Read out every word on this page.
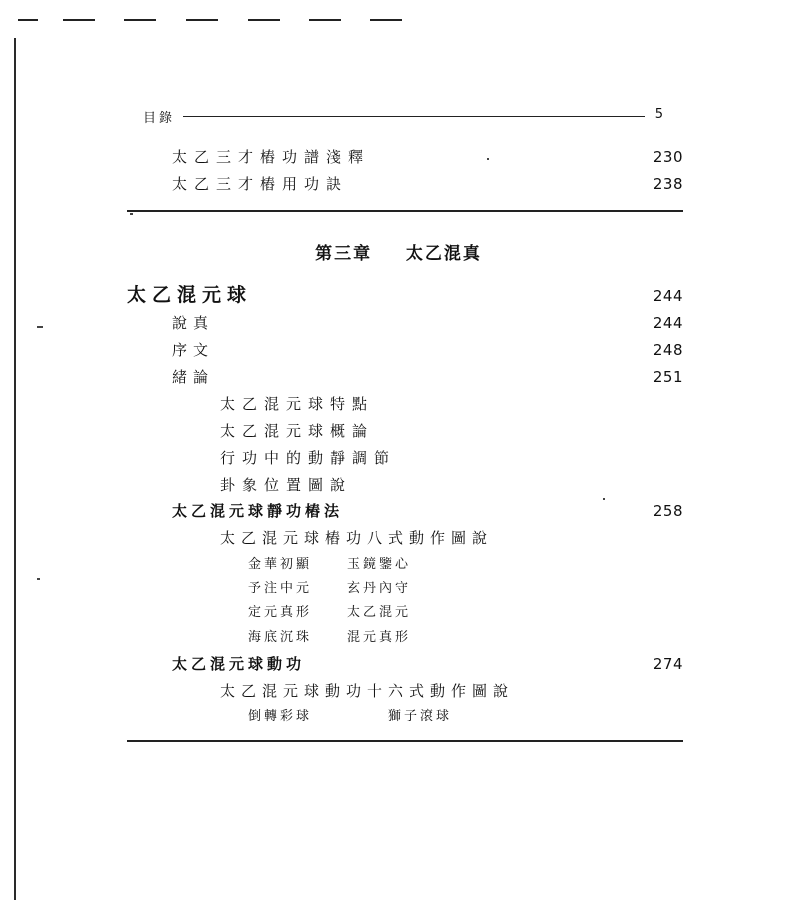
目錄	5
太乙三才樁功譜淺釋	230
太乙三才樁用功訣	238
第三章 太乙混真
太乙混元球	244
說真	244
序文	248
緒論	251
太乙混元球特點
太乙混元球概論
行功中的動靜調節
卦象位置圖說
太乙混元球靜功樁法	258
太乙混元球樁功八式動作圖說
金華初顯	玉鏡鑒心
予注中元	玄丹內守
定元真形	太乙混元
海底沉珠	混元真形
太乙混元球動功	274
太乙混元球動功十六式動作圖說
倒轉彩球	獅子滾球
